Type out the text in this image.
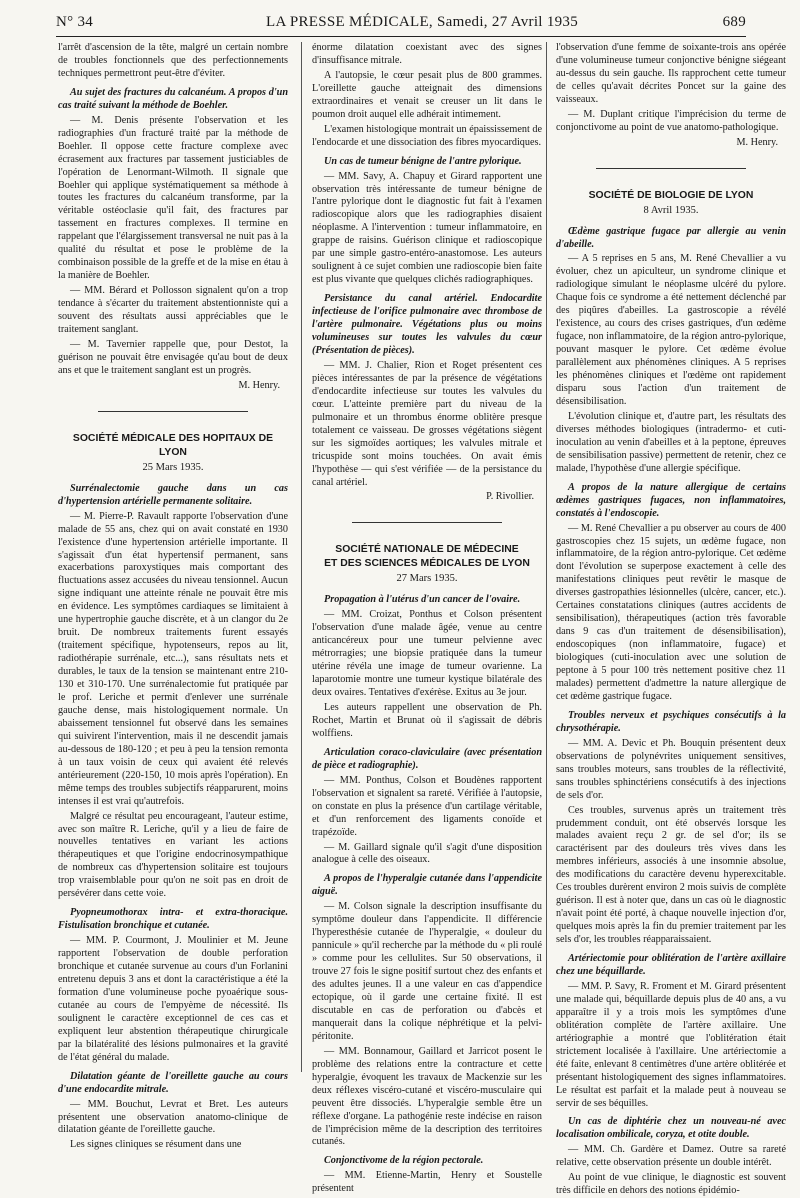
N° 34	LA PRESSE MÉDICALE, Samedi, 27 Avril 1935	689

l'arrêt d'ascension de la tête, malgré un certain nombre de troubles fonctionnels que des perfectionnements techniques permettront peut-être d'éviter.

Au sujet des fractures du calcanéum. A propos d'un cas traité suivant la méthode de Boehler.

— M. Denis présente l'observation et les radiographies d'un fracturé traité par la méthode de Boehler. Il oppose cette fracture complexe avec écrasement aux fractures par tassement justiciables de l'opération de Lenormant-Wilmoth. Il signale que Boehler qui applique systématiquement sa méthode à toutes les fractures du calcanéum transforme, par la véritable ostéoclasie qu'il fait, des fractures par tassement en fractures complexes. Il termine en rappelant que l'élargissement transversal ne nuit pas à la qualité du résultat et pose le problème de la combinaison possible de la greffe et de la mise en étau à la manière de Boehler.

— MM. Bérard et Pollosson signalent qu'on a trop tendance à s'écarter du traitement abstentionniste qui a souvent des résultats aussi appréciables que le traitement sanglant.

— M. Tavernier rappelle que, pour Destot, la guérison ne pouvait être envisagée qu'au bout de deux ans et que le traitement sanglant est un progrès.

M. Henry.

SOCIÉTÉ MÉDICALE DES HOPITAUX DE LYON
25 Mars 1935.

Surrénalectomie gauche dans un cas d'hypertension artérielle permanente solitaire.

— M. Pierre-P. Ravault rapporte l'observation d'une malade de 55 ans, chez qui on avait constaté en 1930 l'existence d'une hypertension artérielle importante. Il s'agissait d'un état hypertensif permanent, sans exacerbations paroxystiques mais comportant des fluctuations assez accusées du niveau tensionnel. Aucun signe indiquant une atteinte rénale ne pouvait être mis en évidence. Les symptômes cardiaques se limitaient à une hypertrophie gauche discrète, et à un clangor du 2e bruit. De nombreux traitements furent essayés (traitement spécifique, hypotenseurs, repos au lit, radiothérapie surrénale, etc...), sans résultats nets et durables, le taux de la tension se maintenant entre 210-130 et 310-170. Une surrénalectomie fut pratiquée par le prof. Leriche et permit d'enlever une surrénale gauche dense, mais histologiquement normale. Un abaissement tensionnel fut observé dans les semaines qui suivirent l'intervention, mais il ne descendit jamais au-dessous de 180-120 ; et peu à peu la tension remonta à un taux voisin de ceux qui avaient été relevés antérieurement (220-150, 10 mois après l'opération). En même temps des troubles subjectifs réapparurent, moins intenses il est vrai qu'autrefois.

Malgré ce résultat peu encourageant, l'auteur estime, avec son maître R. Leriche, qu'il y a lieu de faire de nouvelles tentatives en variant les actions thérapeutiques et que l'origine endocrinosympathique de nombreux cas d'hypertension solitaire est toujours trop vraisemblable pour qu'on ne soit pas en droit de persévérer dans cette voie.

Pyopneumothorax intra- et extra-thoracique. Fistulisation bronchique et cutanée.

— MM. P. Courmont, J. Moulinier et M. Jeune rapportent l'observation de double perforation bronchique et cutanée survenue au cours d'un Forlanini entretenu depuis 3 ans et dont la caractéristique a été la formation d'une volumineuse poche pyoaérique sous-cutanée au cours de l'empyème de nécessité. Ils soulignent le caractère exceptionnel de ces cas et expliquent leur abstention thérapeutique chirurgicale par la bilatéralité des lésions pulmonaires et la gravité de l'état général du malade.

Dilatation géante de l'oreillette gauche au cours d'une endocardite mitrale.

— MM. Bouchut, Levrat et Bret. Les auteurs présentent une observation anatomo-clinique de dilatation géante de l'oreillette gauche.

Les signes cliniques se résument dans une

énorme dilatation coexistant avec des signes d'insuffisance mitrale.

A l'autopsie, le cœur pesait plus de 800 grammes. L'oreillette gauche atteignait des dimensions extraordinaires et venait se creuser un lit dans le poumon droit auquel elle adhérait intimement.

L'examen histologique montrait un épaississement de l'endocarde et une dissociation des fibres myocardiques.

Un cas de tumeur bénigne de l'antre pylorique.

— MM. Savy, A. Chapuy et Girard rapportent une observation très intéressante de tumeur bénigne de l'antre pylorique dont le diagnostic fut fait à l'examen radioscopique alors que les radiographies disaient néoplasme. A l'intervention : tumeur inflammatoire, en grappe de raisins. Guérison clinique et radioscopique par une simple gastro-entéro-anastomose. Les auteurs soulignent à ce sujet combien une radioscopie bien faite est plus vivante que quelques clichés radiographiques.

Persistance du canal artériel. Endocardite infectieuse de l'orifice pulmonaire avec thrombose de l'artère pulmonaire. Végétations plus ou moins volumineuses sur toutes les valvules du cœur (Présentation de pièces).

— MM. J. Chalier, Rion et Roget présentent ces pièces intéressantes de par la présence de végétations d'endocardite infectieuse sur toutes les valvules du cœur. L'atteinte première part du niveau de la pulmonaire et un thrombus énorme oblitère presque totalement ce vaisseau. De grosses végétations siègent sur les sigmoïdes aortiques; les valvules mitrale et tricuspide sont moins touchées. On avait émis l'hypothèse — qui s'est vérifiée — de la persistance du canal artériel.

P. Rivollier.

SOCIÉTÉ NATIONALE DE MÉDECINE
ET DES SCIENCES MÉDICALES DE LYON
27 Mars 1935.

Propagation à l'utérus d'un cancer de l'ovaire.

— MM. Croizat, Ponthus et Colson présentent l'observation d'une malade âgée, venue au centre anticancéreux pour une tumeur pelvienne avec métrorragies; une biopsie pratiquée dans la tumeur utérine révéla une image de tumeur ovarienne. La laparotomie montre une tumeur kystique bilatérale des deux ovaires. Tentatives d'exérèse. Exitus au 3e jour.

Les auteurs rappellent une observation de Ph. Rochet, Martin et Brunat où il s'agissait de débris wolffiens.

Articulation coraco-claviculaire (avec présentation de pièce et radiographie).

— MM. Ponthus, Colson et Boudènes rapportent l'observation et signalent sa rareté. Vérifiée à l'autopsie, on constate en plus la présence d'un cartilage véritable, et d'un renforcement des ligaments conoïde et trapézoïde.

— M. Gaillard signale qu'il s'agit d'une disposition analogue à celle des oiseaux.

A propos de l'hyperalgie cutanée dans l'appendicite aiguë.

— M. Colson signale la description insuffisante du symptôme douleur dans l'appendicite. Il différencie l'hyperesthésie cutanée de l'hyperalgie, « douleur du pannicule » qu'il recherche par la méthode du « pli roulé » comme pour les cellulites. Sur 50 observations, il trouve 27 fois le signe positif surtout chez des enfants et des adultes jeunes. Il a une valeur en cas d'appendice ectopique, où il garde une certaine fixité. Il est discutable en cas de perforation ou d'abcès et manquerait dans la colique néphrétique et la pelvi-péritonite.

— MM. Bonnamour, Gaillard et Jarricot posent le problème des relations entre la contracture et cette hyperalgie, évoquent les travaux de Mackenzie sur les deux réflexes viscéro-cutané et viscéro-musculaire qui peuvent être dissociés. L'hyperalgie semble être un réflexe d'organe. La pathogénie reste indécise en raison de l'imprécision même de la description des territoires cutanés.

Conjonctivome de la région pectorale.

— MM. Etienne-Martin, Henry et Soustelle présentent

l'observation d'une femme de soixante-trois ans opérée d'une volumineuse tumeur conjonctive bénigne siégeant au-dessus du sein gauche. Ils rapprochent cette tumeur de celles qu'avait décrites Poncet sur la gaine des vaisseaux.

— M. Duplant critique l'imprécision du terme de conjonctivome au point de vue anatomo-pathologique.

M. Henry.

SOCIÉTÉ DE BIOLOGIE DE LYON
8 Avril 1935.

Œdème gastrique fugace par allergie au venin d'abeille.

— A 5 reprises en 5 ans, M. René Chevallier a vu évoluer, chez un apiculteur, un syndrome clinique et radiologique simulant le néoplasme ulcéré du pylore. Chaque fois ce syndrome a été nettement déclenché par des piqûres d'abeilles. La gastroscopie a révélé l'existence, au cours des crises gastriques, d'un œdème fugace, non inflammatoire, de la région antro-pylorique, pouvant masquer le pylore. Cet œdème évolue parallèlement aux phénomènes cliniques. A 5 reprises les phénomènes cliniques et l'œdème ont rapidement disparu sous l'action d'un traitement de désensibilisation.

L'évolution clinique et, d'autre part, les résultats des diverses méthodes biologiques (intradermo- et cuti-inoculation au venin d'abeilles et à la peptone, épreuves de sensibilisation passive) permettent de retenir, chez ce malade, l'hypothèse d'une allergie spécifique.

A propos de la nature allergique de certains œdèmes gastriques fugaces, non inflammatoires, constatés à l'endoscopie.

— M. René Chevallier a pu observer au cours de 400 gastroscopies chez 15 sujets, un œdème fugace, non inflammatoire, de la région antro-pylorique. Cet œdème dont l'évolution se superpose exactement à celle des manifestations cliniques peut revêtir le masque de diverses gastropathies lésionnelles (ulcère, cancer, etc.). Certaines constatations cliniques (autres accidents de sensibilisation), thérapeutiques (action très favorable dans 9 cas d'un traitement de désensibilisation), endoscopiques (non inflammatoire, fugace) et biologiques (cuti-inoculation avec une solution de peptone à 5 pour 100 très nettement positive chez 11 malades) permettent d'admettre la nature allergique de cet œdème gastrique fugace.

Troubles nerveux et psychiques consécutifs à la chrysothérapie.

— MM. A. Devic et Ph. Bouquin présentent deux observations de polynévrites uniquement sensitives, sans troubles moteurs, sans troubles de la réflectivité, sans troubles sphinctériens consécutifs à des injections de sels d'or.

Ces troubles, survenus après un traitement très prudemment conduit, ont été observés lorsque les malades avaient reçu 2 gr. de sel d'or; ils se caractérisent par des douleurs très vives dans les membres inférieurs, associés à une insomnie absolue, des modifications du caractère devenu hyperexcitable. Ces troubles durèrent environ 2 mois suivis de complète guérison. Il est à noter que, dans un cas où le diagnostic n'avait point été porté, à chaque nouvelle injection d'or, quelques mois après la fin du premier traitement par les sels d'or, les troubles réapparaissaient.

Artériectomie pour oblitération de l'artère axillaire chez une béquillarde.

— MM. P. Savy, R. Froment et M. Girard présentent une malade qui, béquillarde depuis plus de 40 ans, a vu apparaître il y a trois mois les symptômes d'une oblitération complète de l'artère axillaire. Une artériographie a montré que l'oblitération était strictement localisée à l'axillaire. Une artériectomie a été faite, enlevant 8 centimètres d'une artère oblitérée et présentant histologiquement des signes inflammatoires. Le résultat est parfait et la malade peut à nouveau se servir de ses béquilles.

Un cas de diphtérie chez un nouveau-né avec localisation ombilicale, coryza, et otite double.

— MM. Ch. Gardère et Damez. Outre sa rareté relative, cette observation présente un double intérêt.

Au point de vue clinique, le diagnostic est souvent très difficile en dehors des notions épidémio-
